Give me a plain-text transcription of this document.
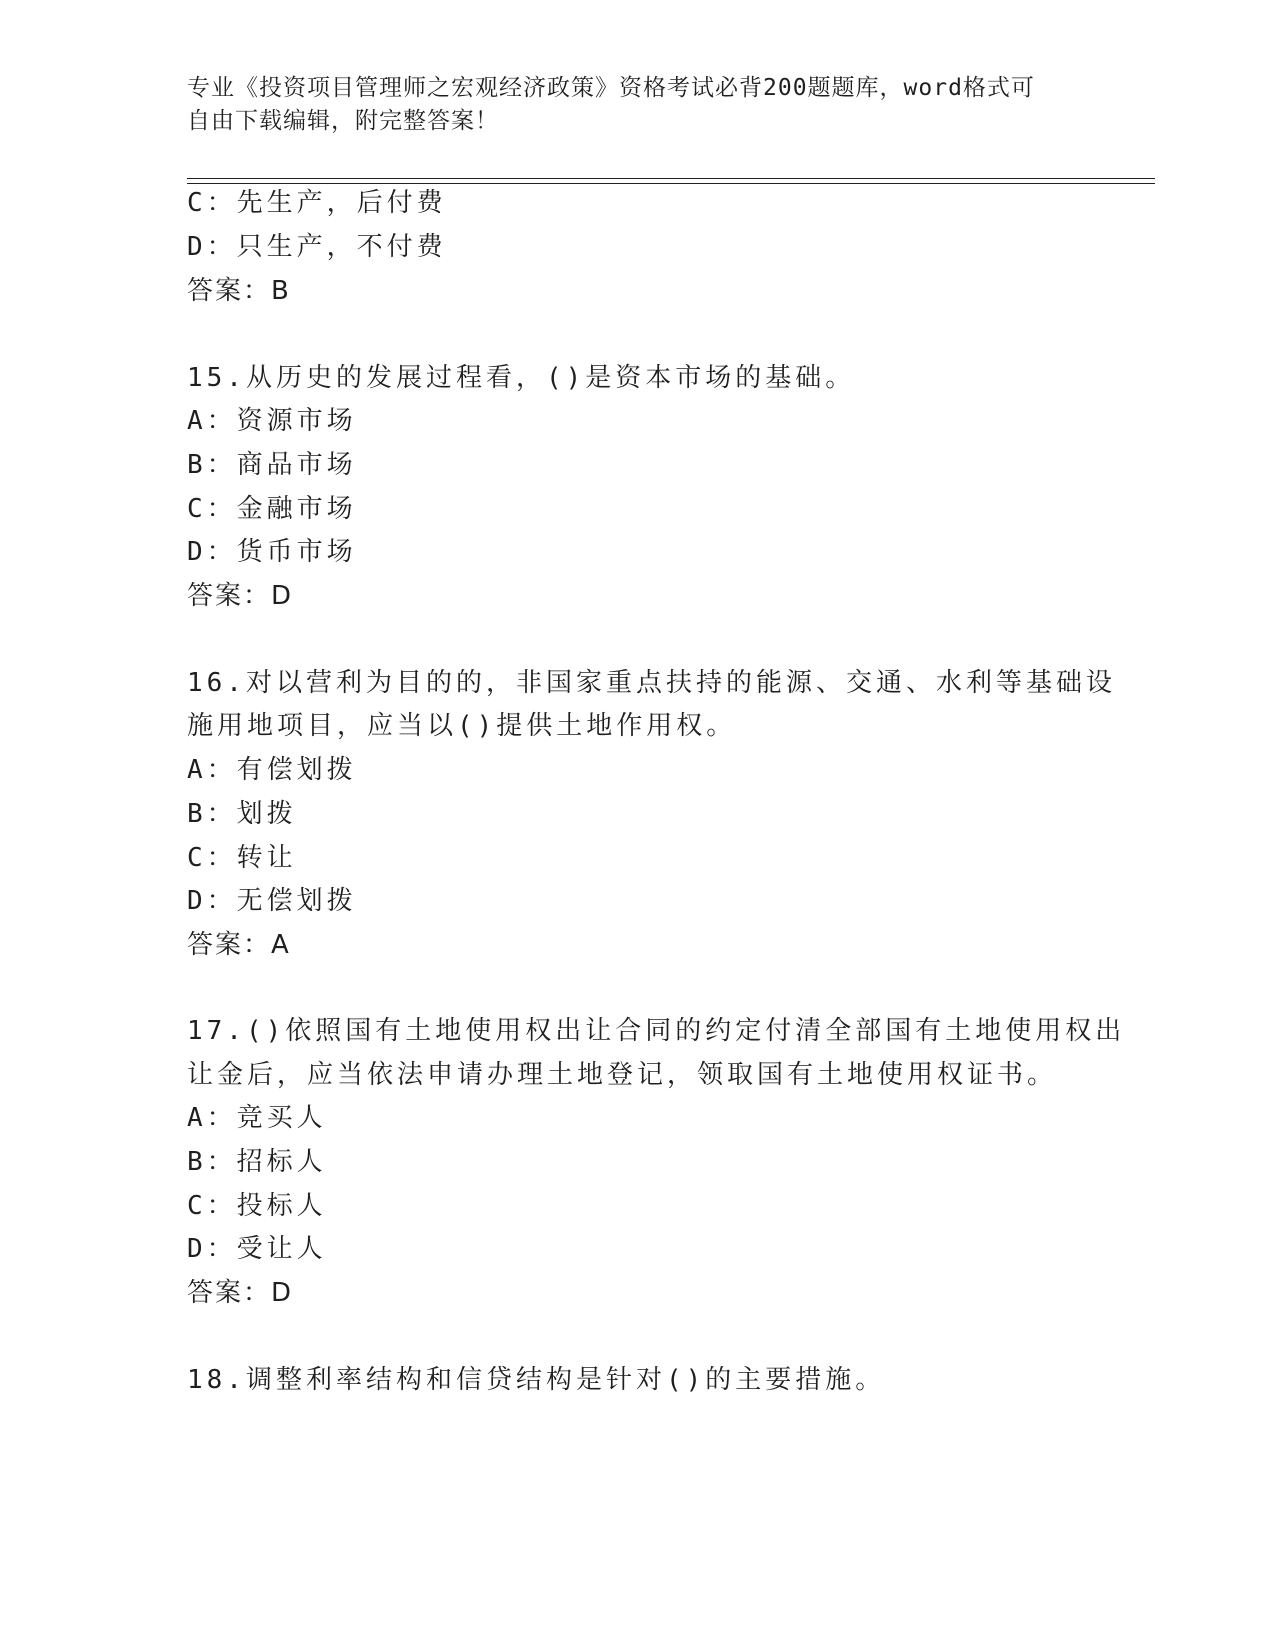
专业《投资项目管理师之宏观经济政策》资格考试必背200题题库，word格式可
自由下载编辑，附完整答案！
C：先生产，后付费
D：只生产，不付费
答案：B
15.从历史的发展过程看，()是资本市场的基础。
A：资源市场
B：商品市场
C：金融市场
D：货币市场
答案：D
16.对以营利为目的的，非国家重点扶持的能源、交通、水利等基础设
施用地项目，应当以()提供土地作用权。
A：有偿划拨
B：划拨
C：转让
D：无偿划拨
答案：A
17.()依照国有土地使用权出让合同的约定付清全部国有土地使用权出
让金后，应当依法申请办理土地登记，领取国有土地使用权证书。
A：竞买人
B：招标人
C：投标人
D：受让人
答案：D
18.调整利率结构和信贷结构是针对()的主要措施。
